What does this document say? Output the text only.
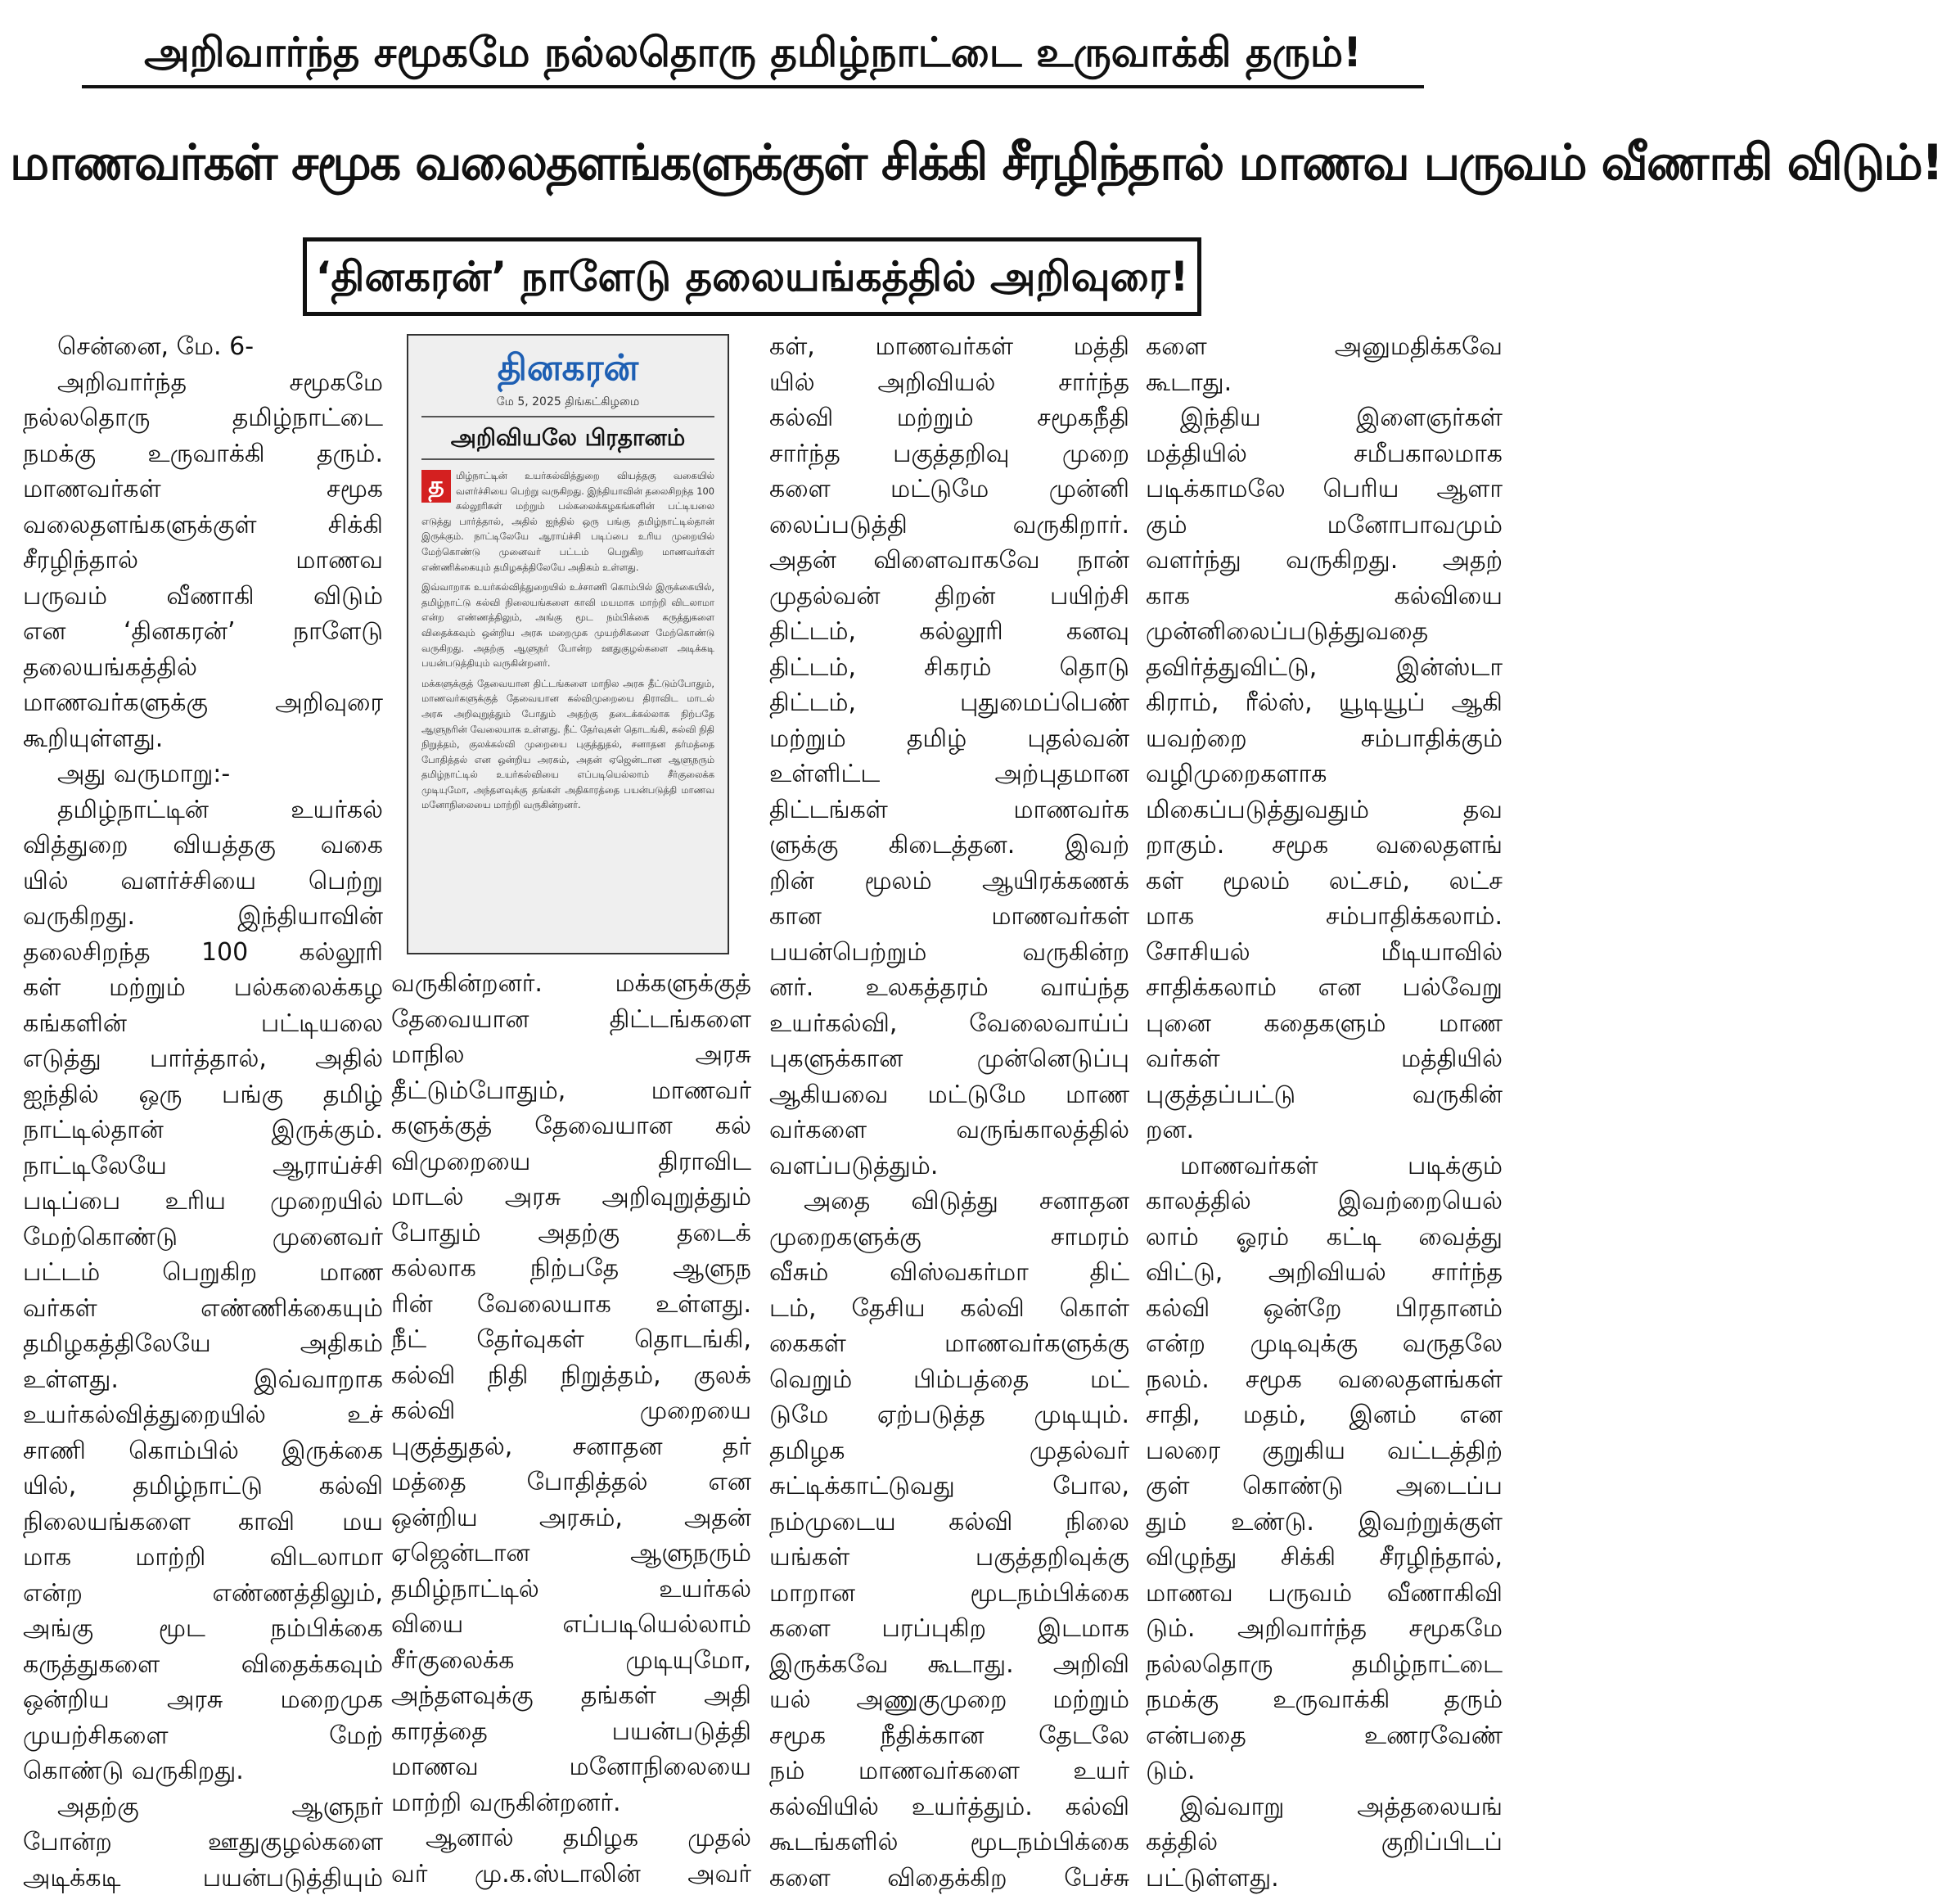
அறிவார்ந்த சமூகமே நல்லதொரு தமிழ்நாட்டை உருவாக்கி தரும்!
மாணவர்கள் சமூக வலைதளங்களுக்குள் சிக்கி சீரழிந்தால் மாணவ பருவம் வீணாகி விடும்!
‘தினகரன்’ நாளேடு தலையங்கத்தில் அறிவுரை!
சென்னை, மே. 6-
அறிவார்ந்த சமூகமே
நல்லதொரு தமிழ்நாட்டை
நமக்கு உருவாக்கி தரும்.
மாணவர்கள் சமூக
வலைதளங்களுக்குள் சிக்கி
சீரழிந்தால் மாணவ
பருவம் வீணாகி விடும்
என ‘தினகரன்’ நாளேடு
தலையங்கத்தில்
மாணவர்களுக்கு அறிவுரை
கூறியுள்ளது.
அது வருமாறு:-
தமிழ்நாட்டின் உயர்கல்
வித்துறை வியத்தகு வகை
யில் வளர்ச்சியை பெற்று
வருகிறது. இந்தியாவின்
தலைசிறந்த 100 கல்லூரி
கள் மற்றும் பல்கலைக்கழ
கங்களின் பட்டியலை
எடுத்து பார்த்தால், அதில்
ஐந்தில் ஒரு பங்கு தமிழ்
நாட்டில்தான் இருக்கும்.
நாட்டிலேயே ஆராய்ச்சி
படிப்பை உரிய முறையில்
மேற்கொண்டு முனைவர்
பட்டம் பெறுகிற மாண
வர்கள் எண்ணிக்கையும்
தமிழகத்திலேயே அதிகம்
உள்ளது. இவ்வாறாக
உயர்கல்வித்துறையில் உச்
சாணி கொம்பில் இருக்கை
யில், தமிழ்நாட்டு கல்வி
நிலையங்களை காவி மய
மாக மாற்றி விடலாமா
என்ற எண்ணத்திலும்,
அங்கு மூட நம்பிக்கை
கருத்துகளை விதைக்கவும்
ஒன்றிய அரசு மறைமுக
முயற்சிகளை மேற்
கொண்டு வருகிறது.
அதற்கு ஆளுநர்
போன்ற ஊதுகுழல்களை
அடிக்கடி பயன்படுத்தியும்
தினகரன்
மே 5, 2025 திங்கட்கிழமை
அறிவியலே பிரதானம்

த	மிழ்நாட்டின் உயர்கல்வித்துறை வியத்தகு வகையில் வளர்ச்சியை பெற்று வருகிறது. இந்தியாவின் தலைசிறந்த 100 கல்லூரிகள் மற்றும் பல்கலைக்கழகங்களின் பட்டியலை எடுத்து பார்த்தால், அதில் ஐந்தில் ஒரு பங்கு தமிழ்நாட்டில்தான் இருக்கும். நாட்டிலேயே ஆராய்ச்சி படிப்பை உரிய முறையில் மேற்கொண்டு முனைவர் பட்டம் பெறுகிற மாணவர்கள் எண்ணிக்கையும் தமிழகத்திலேயே அதிகம் உள்ளது.

இவ்வாறாக உயர்கல்வித்துறையில் உச்சாணி கொம்பில் இருக்கையில், தமிழ்நாட்டு கல்வி நிலையங்களை காவி மயமாக மாற்றி விடலாமா என்ற எண்ணத்திலும், அங்கு மூட நம்பிக்கை கருத்துகளை விதைக்கவும் ஒன்றிய அரசு மறைமுக முயற்சிகளை மேற்கொண்டு வருகிறது. அதற்கு ஆளுநர் போன்ற ஊதுகுழல்களை அடிக்கடி பயன்படுத்தியும் வருகின்றனர்.

மக்களுக்குத் தேவையான திட்டங்களை மாநில அரசு தீட்டும்போதும், மாணவர்களுக்குத் தேவையான கல்விமுறையை திராவிட மாடல் அரசு அறிவுறுத்தும் போதும் அதற்கு தடைக்கல்லாக நிற்பதே ஆளுநரின் வேலையாக உள்ளது. நீட் தேர்வுகள் தொடங்கி, கல்வி நிதி நிறுத்தம், குலக்கல்வி முறையை புகுத்துதல், சனாதன தர்மத்தை போதித்தல் என ஒன்றிய அரசும், அதன் ஏஜென்டான ஆளுநரும் தமிழ்நாட்டில் உயர்கல்வியை எப்படியெல்லாம் சீர்குலைக்க முடியுமோ, அந்தளவுக்கு தங்கள் அதிகாரத்தை பயன்படுத்தி மாணவ மனோநிலையை மாற்றி வருகின்றனர்.

வருகின்றனர். மக்களுக்குத்
தேவையான திட்டங்களை
மாநில அரசு
தீட்டும்போதும், மாணவர்
களுக்குத் தேவையான கல்
விமுறையை திராவிட
மாடல் அரசு அறிவுறுத்தும்
போதும் அதற்கு தடைக்
கல்லாக நிற்பதே ஆளுந
ரின் வேலையாக உள்ளது.
நீட் தேர்வுகள் தொடங்கி,
கல்வி நிதி நிறுத்தம், குலக்
கல்வி முறையை
புகுத்துதல், சனாதன தர்
மத்தை போதித்தல் என
ஒன்றிய அரசும், அதன்
ஏஜென்டான ஆளுநரும்
தமிழ்நாட்டில் உயர்கல்
வியை எப்படியெல்லாம்
சீர்குலைக்க முடியுமோ,
அந்தளவுக்கு தங்கள் அதி
காரத்தை பயன்படுத்தி
மாணவ மனோநிலையை
மாற்றி வருகின்றனர்.
ஆனால் தமிழக முதல்
வர் மு.க.ஸ்டாலின் அவர்
கள், மாணவர்கள் மத்தி
யில் அறிவியல் சார்ந்த
கல்வி மற்றும் சமூகநீதி
சார்ந்த பகுத்தறிவு முறை
களை மட்டுமே முன்னி
லைப்படுத்தி வருகிறார்.
அதன் விளைவாகவே நான்
முதல்வன் திறன் பயிற்சி
திட்டம், கல்லூரி கனவு
திட்டம், சிகரம் தொடு
திட்டம், புதுமைப்பெண்
மற்றும் தமிழ் புதல்வன்
உள்ளிட்ட அற்புதமான
திட்டங்கள் மாணவர்க
ளுக்கு கிடைத்தன. இவற்
றின் மூலம் ஆயிரக்கணக்
கான மாணவர்கள்
பயன்பெற்றும் வருகின்ற
னர். உலகத்தரம் வாய்ந்த
உயர்கல்வி, வேலைவாய்ப்
புகளுக்கான முன்னெடுப்பு
ஆகியவை மட்டுமே மாண
வர்களை வருங்காலத்தில்
வளப்படுத்தும்.
அதை விடுத்து சனாதன
முறைகளுக்கு சாமரம்
வீசும் விஸ்வகர்மா திட்
டம், தேசிய கல்வி கொள்
கைகள் மாணவர்களுக்கு
வெறும் பிம்பத்தை மட்
டுமே ஏற்படுத்த முடியும்.
தமிழக முதல்வர்
சுட்டிக்காட்டுவது போல,
நம்முடைய கல்வி நிலை
யங்கள் பகுத்தறிவுக்கு
மாறான மூடநம்பிக்கை
களை பரப்புகிற இடமாக
இருக்கவே கூடாது. அறிவி
யல் அணுகுமுறை மற்றும்
சமூக நீதிக்கான தேடலே
நம் மாணவர்களை உயர்
கல்வியில் உயர்த்தும். கல்வி
கூடங்களில் மூடநம்பிக்கை
களை விதைக்கிற பேச்சு
களை அனுமதிக்கவே
கூடாது.
இந்திய இளைஞர்கள்
மத்தியில் சமீபகாலமாக
படிக்காமலே பெரிய ஆளா
கும் மனோபாவமும்
வளர்ந்து வருகிறது. அதற்
காக கல்வியை
முன்னிலைப்படுத்துவதை
தவிர்த்துவிட்டு, இன்ஸ்டா
கிராம், ரீல்ஸ், யூடியூப் ஆகி
யவற்றை சம்பாதிக்கும்
வழிமுறைகளாக
மிகைப்படுத்துவதும் தவ
றாகும். சமூக வலைதளங்
கள் மூலம் லட்சம், லட்ச
மாக சம்பாதிக்கலாம்.
சோசியல் மீடியாவில்
சாதிக்கலாம் என பல்வேறு
புனை கதைகளும் மாண
வர்கள் மத்தியில்
புகுத்தப்பட்டு வருகின்
றன.
மாணவர்கள் படிக்கும்
காலத்தில் இவற்றையெல்
லாம் ஓரம் கட்டி வைத்து
விட்டு, அறிவியல் சார்ந்த
கல்வி ஒன்றே பிரதானம்
என்ற முடிவுக்கு வருதலே
நலம். சமூக வலைதளங்கள்
சாதி, மதம், இனம் என
பலரை குறுகிய வட்டத்திற்
குள் கொண்டு அடைப்ப
தும் உண்டு. இவற்றுக்குள்
விழுந்து சிக்கி சீரழிந்தால்,
மாணவ பருவம் வீணாகிவி
டும். அறிவார்ந்த சமூகமே
நல்லதொரு தமிழ்நாட்டை
நமக்கு உருவாக்கி தரும்
என்பதை உணரவேண்
டும்.
இவ்வாறு அத்தலையங்
கத்தில் குறிப்பிடப்
பட்டுள்ளது.
